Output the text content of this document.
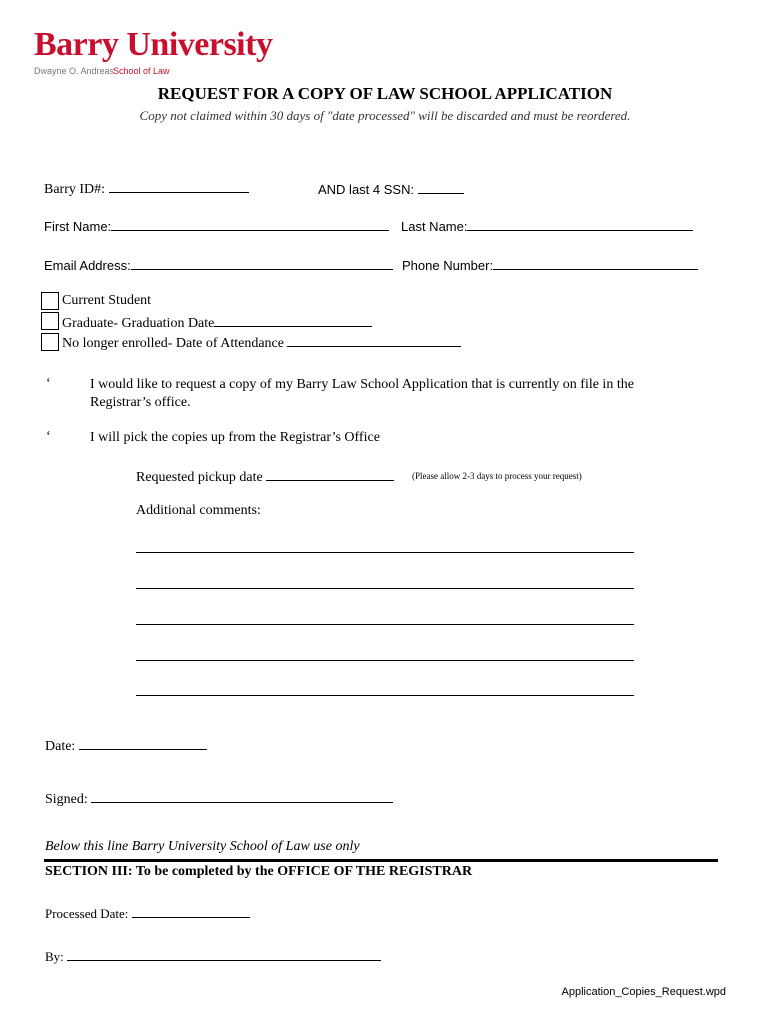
Barry University
Dwayne O. Andreas
School of Law
REQUEST FOR A COPY OF LAW SCHOOL APPLICATION
Copy not claimed within 30 days of "date processed" will be discarded and must be reordered.
Barry ID#:	AND last 4 SSN:
First Name:	Last Name:
Email Address:	Phone Number:
Current Student
Graduate- Graduation Date
No longer enrolled- Date of Attendance
‘	I would like to request a copy of my Barry Law School Application that is currently on file in the
Registrar’s office.
‘	I will pick the copies up from the Registrar’s Office
Requested pickup date	(Please allow 2-3 days to process your request)
Additional comments:
Date:
Signed:
Below this line Barry University School of Law use only
SECTION III: To be completed by the OFFICE OF THE REGISTRAR
Processed Date:
By:
Application_Copies_Request.wpd
